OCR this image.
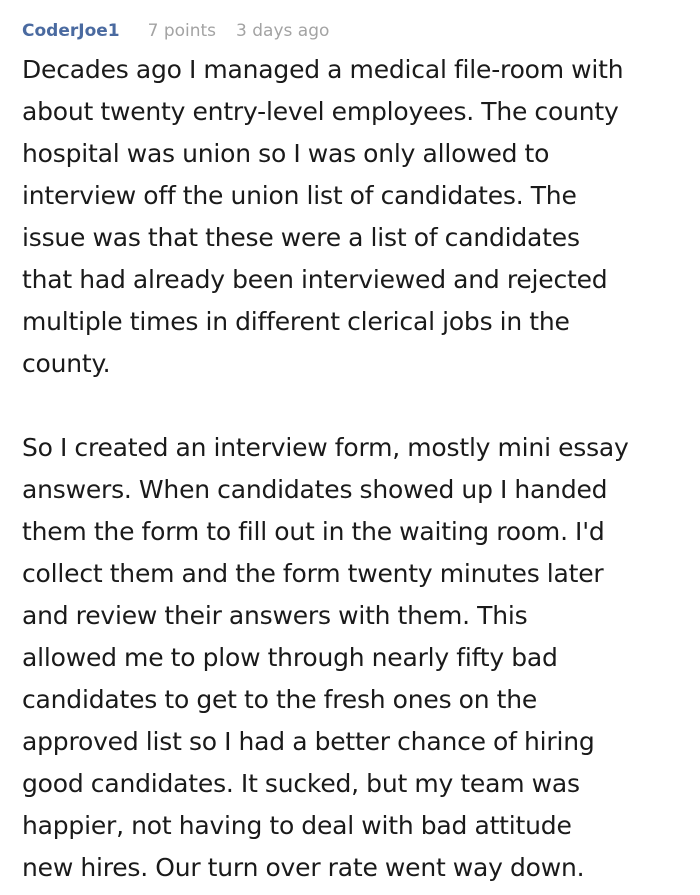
CoderJoe1 7 points 3 days ago

Decades ago I managed a medical file-room with
about twenty entry-level employees. The county
hospital was union so I was only allowed to
interview off the union list of candidates. The
issue was that these were a list of candidates
that had already been interviewed and rejected
multiple times in different clerical jobs in the
county.

So I created an interview form, mostly mini essay
answers. When candidates showed up I handed
them the form to fill out in the waiting room. I'd
collect them and the form twenty minutes later
and review their answers with them. This
allowed me to plow through nearly fifty bad
candidates to get to the fresh ones on the
approved list so I had a better chance of hiring
good candidates. It sucked, but my team was
happier, not having to deal with bad attitude
new hires. Our turn over rate went way down.
